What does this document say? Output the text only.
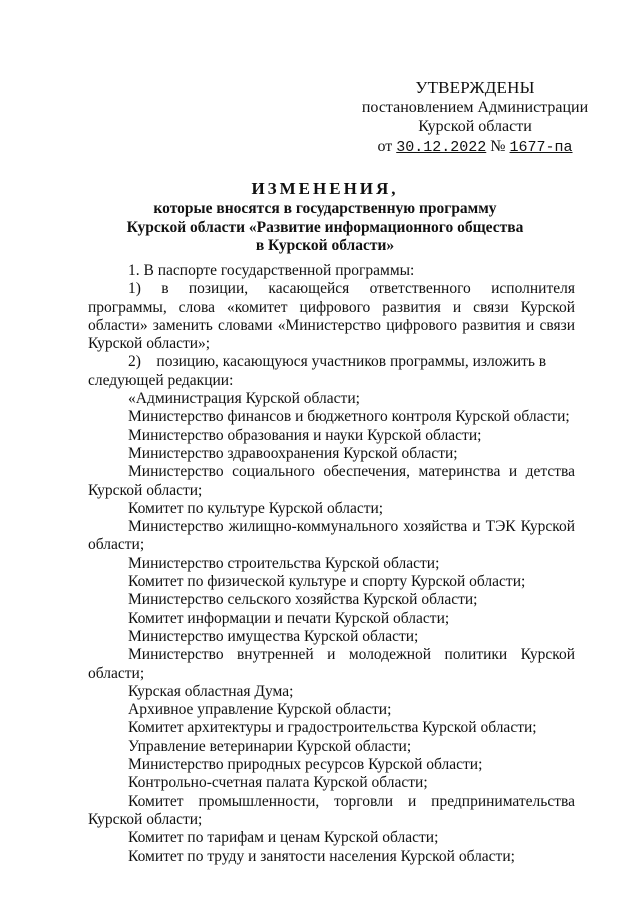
УТВЕРЖДЕНЫ
постановлением Администрации
Курской области
от 30.12.2022 № 1677-па
ИЗМЕНЕНИЯ,
которые вносятся в государственную программу
Курской области «Развитие информационного общества
в Курской области»

1. В паспорте государственной программы:

1)    в    позиции,    касающейся    ответственного    исполнителя

программы, слова «комитет цифрового развития и связи Курской области» заменить словами «Министерство цифрового развития и связи Курской области»;

2)    позицию, касающуюся участников программы, изложить в

следующей редакции:

«Администрация Курской области;

Министерство финансов и бюджетного контроля Курской области;

Министерство образования и науки Курской области;

Министерство здравоохранения Курской области;

Министерство социального обеспечения, материнства и детства Курской области;

Комитет по культуре Курской области;

Министерство жилищно-коммунального хозяйства и ТЭК Курской области;

Министерство строительства Курской области;

Комитет по физической культуре и спорту Курской области;

Министерство сельского хозяйства Курской области;

Комитет информации и печати Курской области;

Министерство имущества Курской области;

Министерство внутренней и молодежной политики Курской области;

Курская областная Дума;

Архивное управление Курской области;

Комитет архитектуры и градостроительства Курской области;

Управление ветеринарии Курской области;

Министерство природных ресурсов Курской области;

Контрольно-счетная палата Курской области;

Комитет промышленности, торговли и предпринимательства Курской области;

Комитет по тарифам и ценам Курской области;

Комитет по труду и занятости населения Курской области;
